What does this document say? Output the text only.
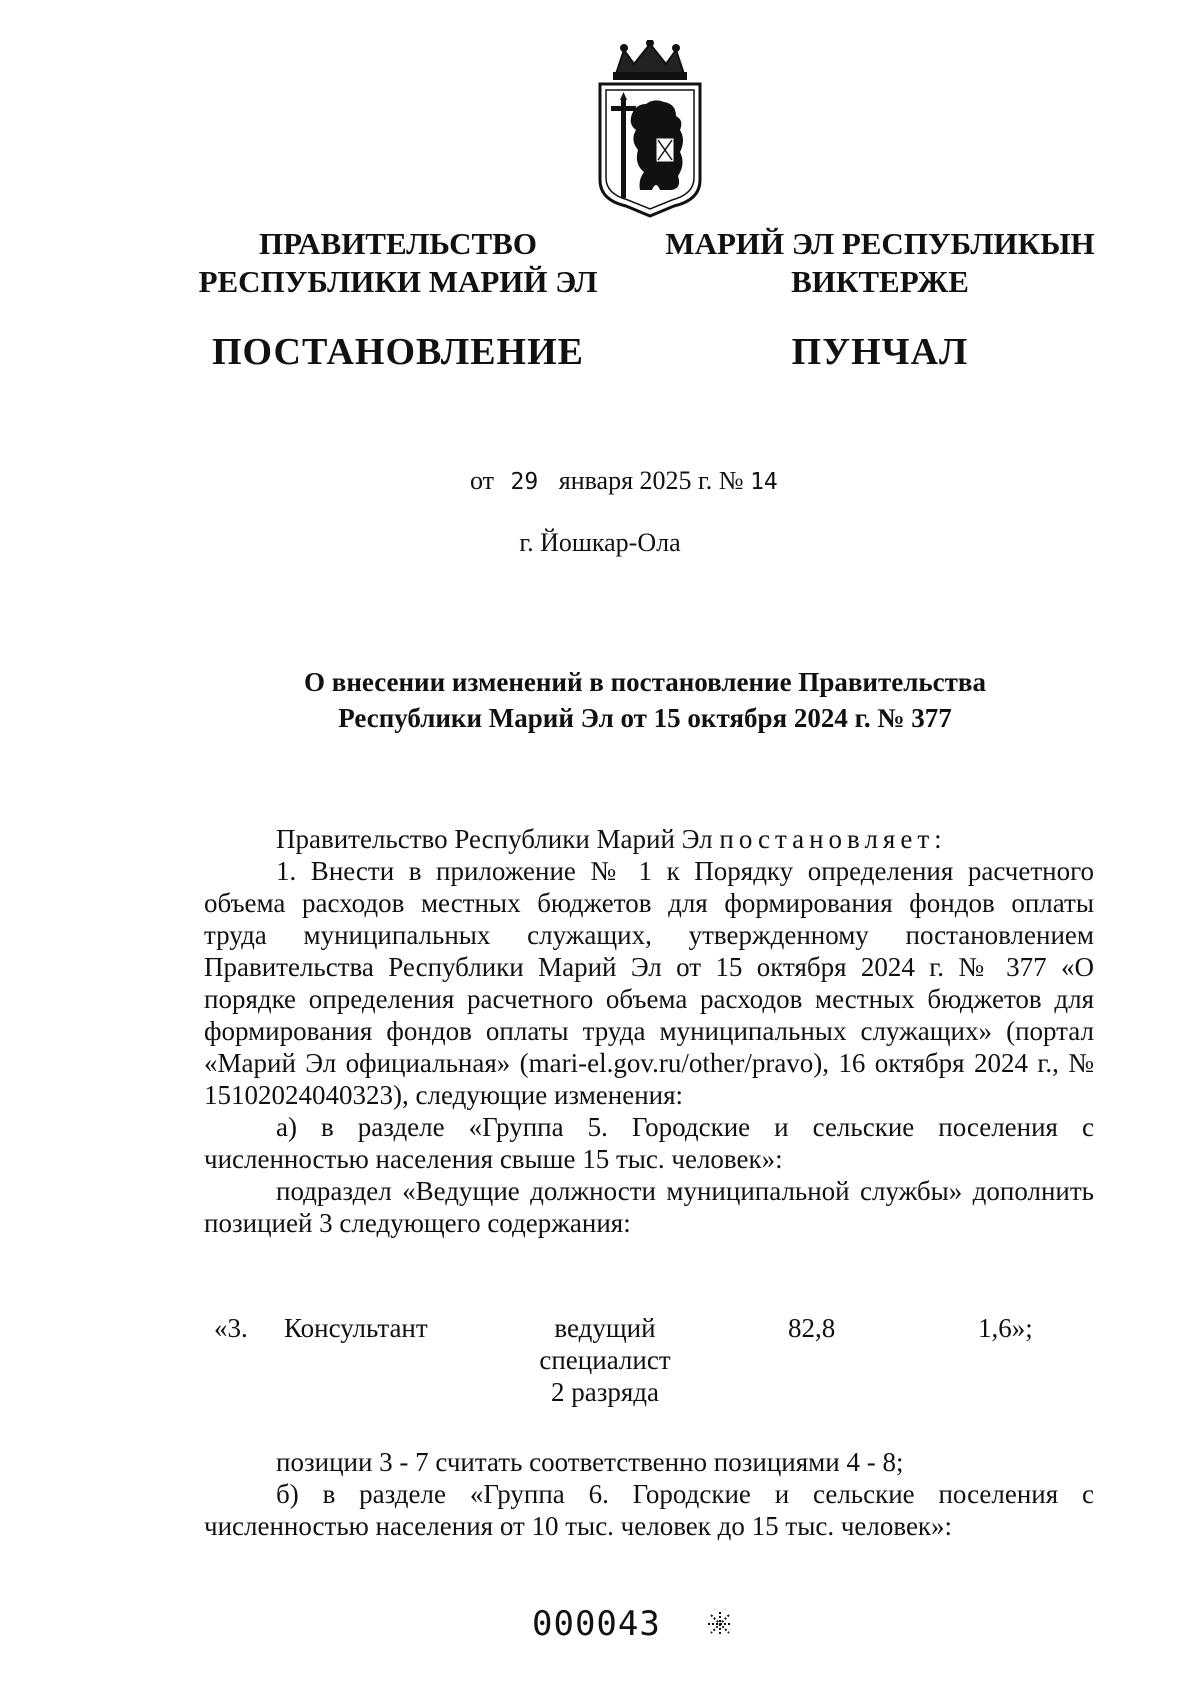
ПРАВИТЕЛЬСТВО
РЕСПУБЛИКИ МАРИЙ ЭЛ
ПОСТАНОВЛЕНИЕ
МАРИЙ ЭЛ РЕСПУБЛИКЫН
ВИКТЕРЖЕ
ПУНЧАЛ
от 29 января 2025 г. № 14
г. Йошкар-Ола
О внесении изменений в постановление Правительства
Республики Марий Эл от 15 октября 2024 г. № 377

Правительство Республики Марий Эл постановляет:

1. Внести в приложение № 1 к Порядку определения расчетного объема расходов местных бюджетов для формирования фондов оплаты труда муниципальных служащих, утвержденному постановлением Правительства Республики Марий Эл от 15 октября 2024 г. № 377 «О порядке определения расчетного объема расходов местных бюджетов для формирования фондов оплаты труда муниципальных служащих» (портал «Марий Эл официальная» (mari-el.gov.ru/other/pravo), 16 октября 2024 г., № 15102024040323), следующие изменения:

а) в разделе «Группа 5. Городские и сельские поселения с численностью населения свыше 15 тыс. человек»:

подраздел «Ведущие должности муниципальной службы» дополнить позицией 3 следующего содержания:

«3. Консультант	ведущий
специалист
2 разряда
82,8	1,6»;

позиции 3 - 7 считать соответственно позициями 4 - 8;

б) в разделе «Группа 6. Городские и сельские поселения с численностью населения от 10 тыс. человек до 15 тыс. человек»:

000043
